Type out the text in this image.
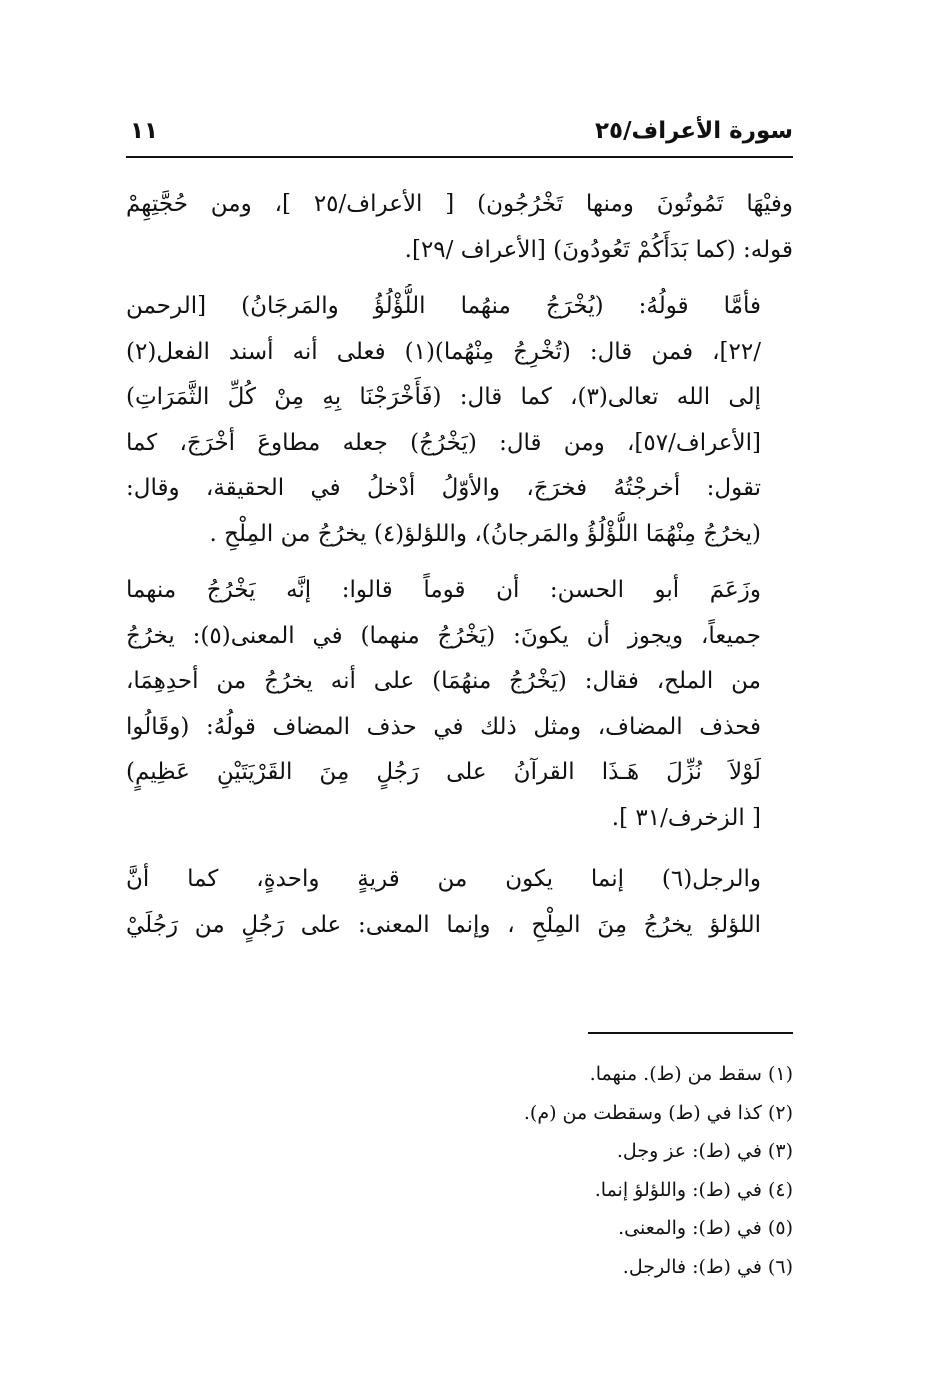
سورة الأعراف/٢٥
١١

وفيْهَا تَمُوتُونَ ومنها تَخْرُجُون) [ الأعراف/٢٥ ]، ومن حُجَّتِهِمْ
قوله: (كما بَدَأَكُمْ تَعُودُونَ) [الأعراف /٢٩].

فأمَّا قولُهُ: (يُخْرَجُ منهُما اللُّؤْلُؤُ والمَرجَانُ) [الرحمن
/٢٢]، فمن قال: (تُخْرِجُ مِنْهُما)(١) فعلى أنه أسند الفعل(٢)
إلى الله تعالى(٣)، كما قال: (فَأَخْرَجْنَا بِهِ مِنْ كُلِّ الثَّمَرَاتِ)
[الأعراف/٥٧]، ومن قال: (يَخْرُجُ) جعله مطاوعَ أخْرَجَ، كما
تقول: أخرجْتُهُ فخرَجَ، والأوّلُ أدْخلُ في الحقيقة، وقال:
(يخرُجُ مِنْهُمَا اللُّؤْلُؤُ والمَرجانُ)، واللؤلؤ(٤) يخرُجُ من المِلْحِ .

وزَعَمَ أبو الحسن: أن قوماً قالوا: إنَّه يَخْرُجُ منهما
جميعاً، ويجوز أن يكونَ: (يَخْرُجُ منهما) في المعنى(٥): يخرُجُ
من الملح، فقال: (يَخْرُجُ منهُمَا) على أنه يخرُجُ من أحدِهِمَا،
فحذف المضاف، ومثل ذلك في حذف المضاف قولُهُ: (وقَالُوا
لَوْلاَ نُزِّلَ هَـذَا القرآنُ على رَجُلٍ مِنَ القَرْيَتَيْنِ عَظِيمٍ)
[ الزخرف/٣١ ].

والرجل(٦) إنما يكون من قريةٍ واحدةٍ، كما أنَّ
اللؤلؤ يخرُجُ مِنَ المِلْحِ ، وإنما المعنى: على رَجُلٍ من رَجُلَيْ

(١) سقط من (ط). منهما.
(٢) كذا في (ط) وسقطت من (م).
(٣) في (ط): عز وجل.
(٤) في (ط): واللؤلؤ إنما.
(٥) في (ط): والمعنى.
(٦) في (ط): فالرجل.
